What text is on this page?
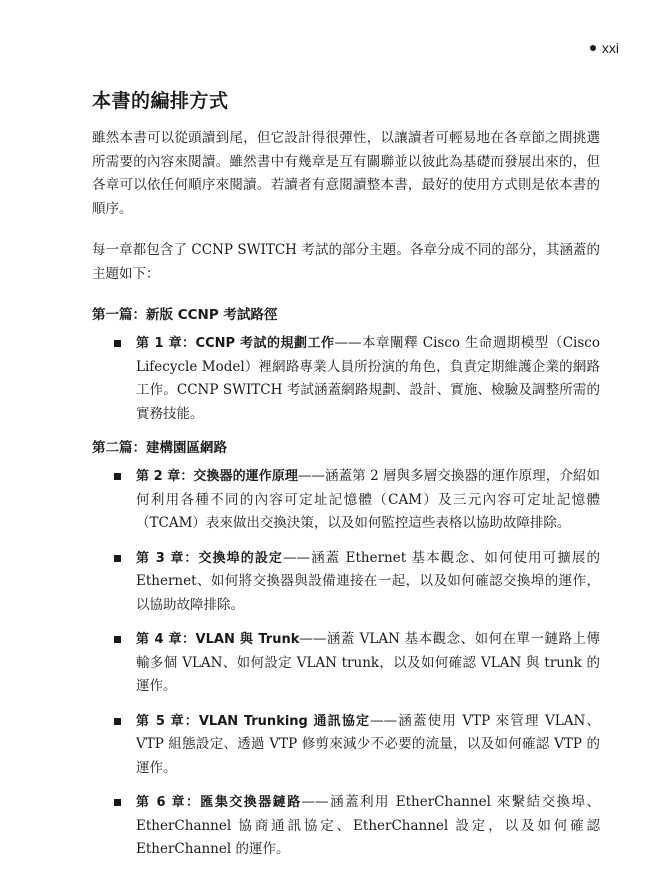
xxi
本書的編排方式

雖然本書可以從頭讀到尾，但它設計得很彈性，以讓讀者可輕易地在各章節之間挑選所需要的內容來閱讀。雖然書中有幾章是互有關聯並以彼此為基礎而發展出來的，但各章可以依任何順序來閱讀。若讀者有意閱讀整本書，最好的使用方式則是依本書的順序。

每一章都包含了 CCNP SWITCH 考試的部分主題。各章分成不同的部分，其涵蓋的主題如下：

第一篇：新版 CCNP 考試路徑
第 1 章：CCNP 考試的規劃工作——本章闡釋 Cisco 生命週期模型（Cisco Lifecycle Model）裡網路專業人員所扮演的角色，負責定期維護企業的網路工作。CCNP SWITCH 考試涵蓋網路規劃、設計、實施、檢驗及調整所需的實務技能。
第二篇：建構園區網路
第 2 章：交換器的運作原理——涵蓋第 2 層與多層交換器的運作原理，介紹如何利用各種不同的內容可定址記憶體（CAM）及三元內容可定址記憶體（TCAM）表來做出交換決策，以及如何監控這些表格以協助故障排除。
第 3 章：交換埠的設定——涵蓋 Ethernet 基本觀念、如何使用可擴展的 Ethernet、如何將交換器與設備連接在一起，以及如何確認交換埠的運作，以協助故障排除。
第 4 章：VLAN 與 Trunk——涵蓋 VLAN 基本觀念、如何在單一鏈路上傳輸多個 VLAN、如何設定 VLAN trunk，以及如何確認 VLAN 與 trunk 的運作。
第 5 章：VLAN Trunking 通訊協定——涵蓋使用 VTP 來管理 VLAN、VTP 組態設定、透過 VTP 修剪來減少不必要的流量，以及如何確認 VTP 的運作。
第 6 章：匯集交換器鏈路——涵蓋利用 EtherChannel 來繫結交換埠、EtherChannel 協商通訊協定、EtherChannel 設定，以及如何確認 EtherChannel 的運作。
